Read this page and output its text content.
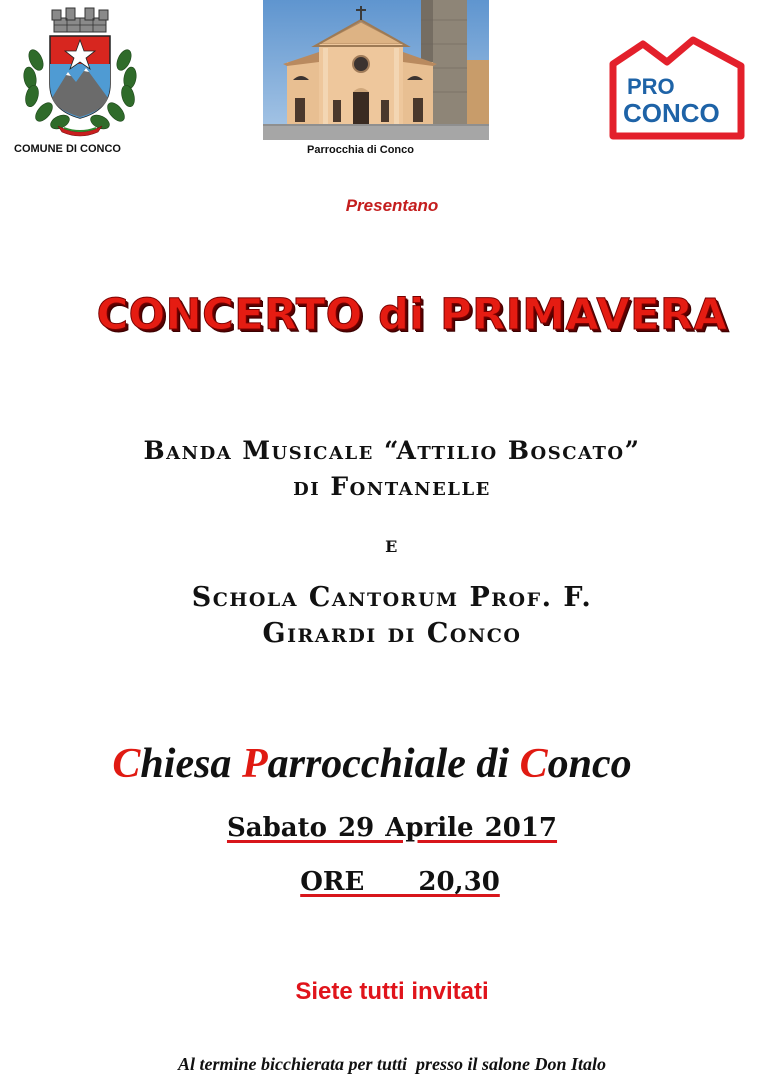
COMUNE DI CONCO	Parrocchia di Conco
PRO
CONCO
Presentano
CONCERTO di PRIMAVERA
Banda Musicale “Attilio Boscato”
di Fontanelle
e
Schola Cantorum Prof. F.
Girardi di Conco
Chiesa Parrocchiale di Conco
Sabato 29 Aprile 2017
ORE  20,30
Siete tutti invitati
Al termine bicchierata per tutti  presso il salone Don Italo
